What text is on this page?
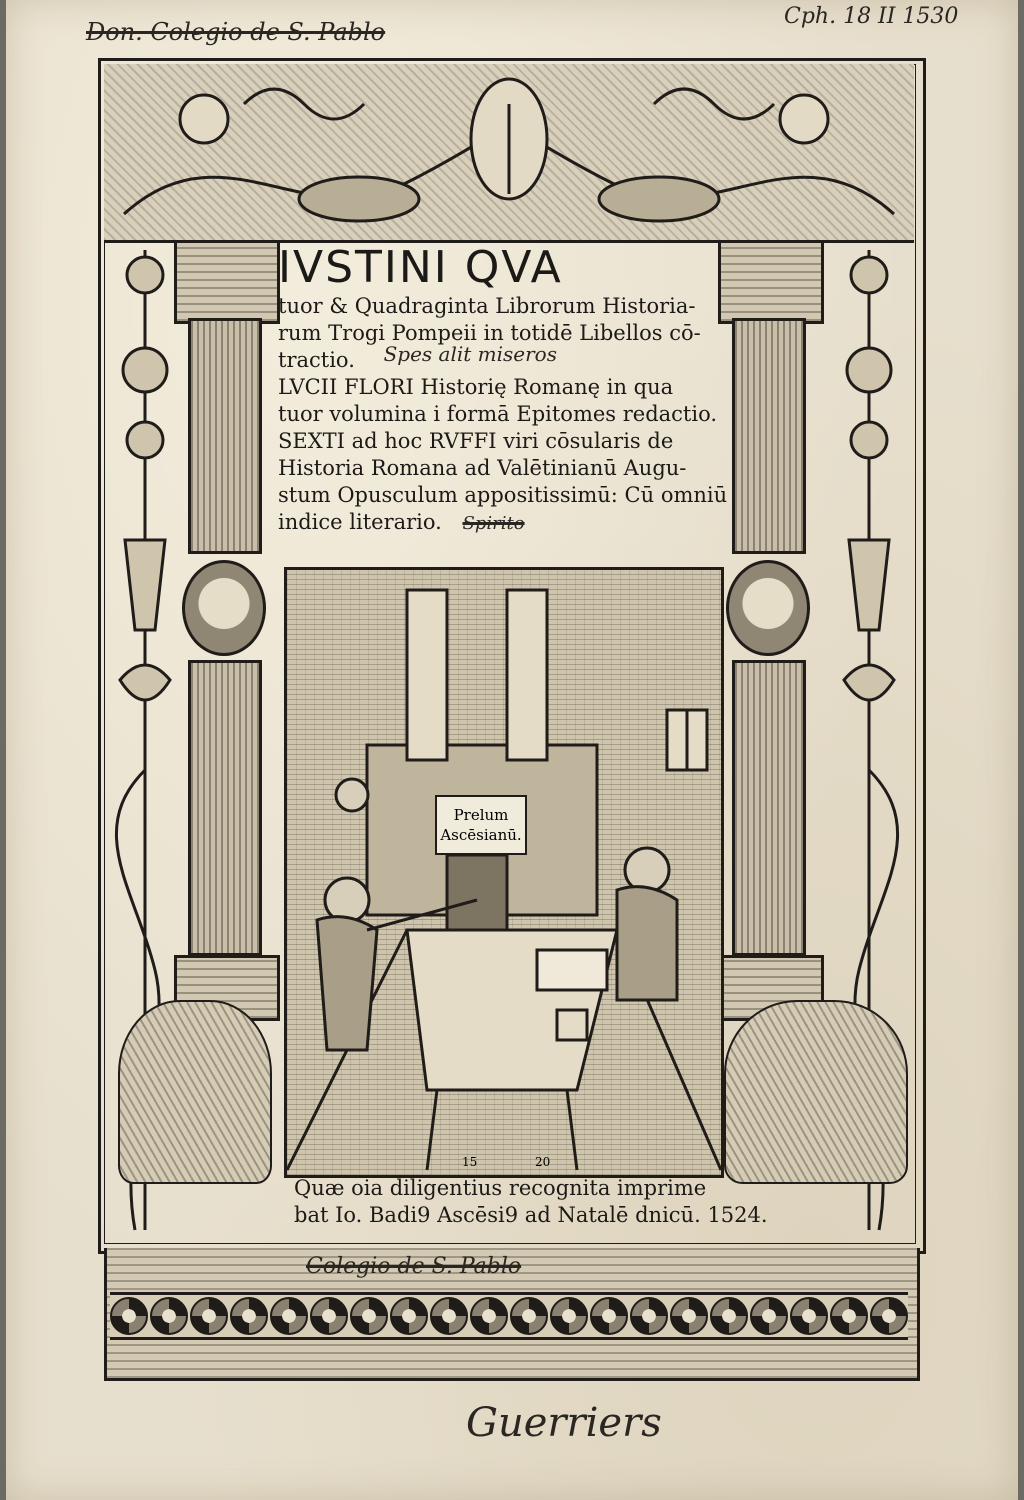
Don. Colegio de S. Pablo
Cph. 18 II 1530
IVSTINI QVA

tuor & Quadraginta Librorum Historia-

rum Trogi Pompeii in totidē Libellos cō-

tractio. Spes alit miseros

LVCII FLORI Historię Romanę in qua

tuor volumina i formā Epitomes redactio.

SEXTI ad hoc RVFFI viri cōsularis de

Historia Romana ad Valētinianū Augu-

stum Opusculum appositissimū: Cū omniū

indice literario. Spirito

Prelum
Ascēsianū.
15	20

Quæ oia diligentius recognita imprime

bat Io. Badi9 Ascēsi9 ad Natalē dnicū. 1524.

Colegio de S. Pablo
Guerriers
